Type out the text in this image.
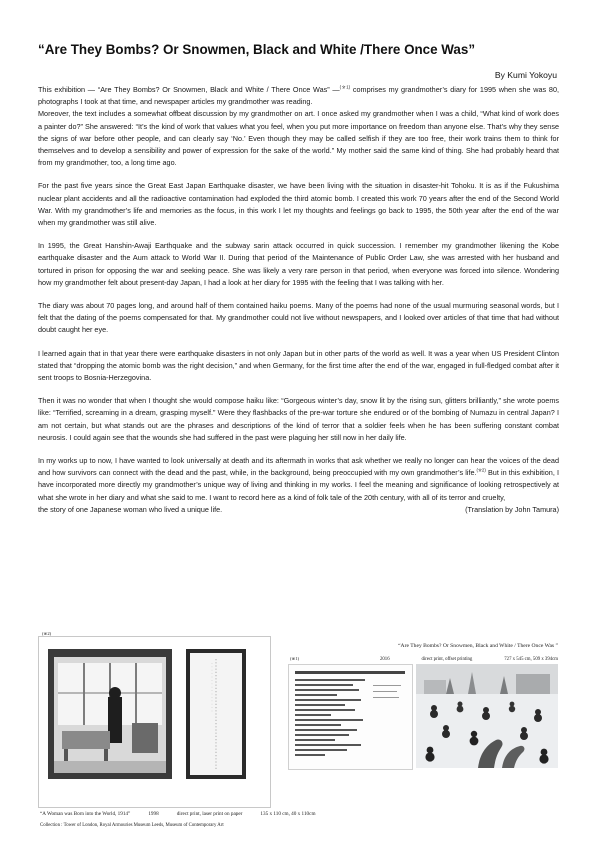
“Are They Bombs? Or Snowmen, Black and White /There Once Was”
By Kumi Yokoyu

This exhibition — “Are They Bombs? Or Snowmen, Black and White / There Once Was” —$^{(※1)}$ comprises my grandmother’s diary for 1995 when she was 80, photographs I took at that time, and newspaper articles my grandmother was reading.

Moreover, the text includes a somewhat offbeat discussion by my grandmother on art. I once asked my grandmother when I was a child, “What kind of work does a painter do?” She answered: “It’s the kind of work that values what you feel, when you put more importance on freedom than anyone else. That’s why they sense the signs of war before other people, and can clearly say ‘No.’ Even though they may be called selfish if they are too free, their work trains them to think for themselves and to develop a sensibility and power of expression for the sake of the world.” My mother said the same kind of thing. She had probably heard that from my grandmother, too, a long time ago.

For the past five years since the Great East Japan Earthquake disaster, we have been living with the situation in disaster-hit Tohoku. It is as if the Fukushima nuclear plant accidents and all the radioactive contamination had exploded the third atomic bomb. I created this work 70 years after the end of the Second World War. With my grandmother’s life and memories as the focus, in this work I let my thoughts and feelings go back to 1995, the 50th year after the end of the war when my grandmother was still alive.

In 1995, the Great Hanshin-Awaji Earthquake and the subway sarin attack occurred in quick succession. I remember my grandmother likening the Kobe earthquake disaster and the Aum attack to World War II. During that period of the Maintenance of Public Order Law, she was arrested with her husband and tortured in prison for opposing the war and seeking peace. She was likely a very rare person in that period, when everyone was forced into silence. Wondering how my grandmother felt about present-day Japan, I had a look at her diary for 1995 with the feeling that I was talking with her.

The diary was about 70 pages long, and around half of them contained haiku poems. Many of the poems had none of the usual murmuring seasonal words, but I felt that the dating of the poems compensated for that. My grandmother could not live without newspapers, and I looked over articles of that time that had without doubt caught her eye.

I learned again that in that year there were earthquake disasters in not only Japan but in other parts of the world as well. It was a year when US President Clinton stated that “dropping the atomic bomb was the right decision,” and when Germany, for the first time after the end of the war, engaged in full-fledged combat after it sent troops to Bosnia-Herzegovina.

Then it was no wonder that when I thought she would compose haiku like: “Gorgeous winter’s day, snow lit by the rising sun, glitters brilliantly,” she wrote poems like: “Terrified, screaming in a dream, grasping myself.” Were they flashbacks of the pre-war torture she endured or of the bombing of Numazu in central Japan? I am not certain, but what stands out are the phrases and descriptions of the kind of terror that a soldier feels when he has been suffering constant combat neurosis. I could again see that the wounds she had suffered in the past were plaguing her still now in her daily life.

In my works up to now, I have wanted to look universally at death and its aftermath in works that ask whether we really no longer can hear the voices of the dead and how survivors can connect with the dead and the past, while, in the background, being preoccupied with my own grandmother’s life.$^{(※2)}$ But in this exhibition, I have incorporated more directly my grandmother’s unique way of living and thinking in my works. I feel the meaning and significance of looking retrospectively at what she wrote in her diary and what she said to me. I want to record here as a kind of folk tale of the 20th century, with all of its terror and cruelty,

the story of one Japanese woman who lived a unique life.	(Translation by John Tamura)
(※2)
“A Woman was Born into the World, 1914”	1998	direct print, laser print on paper	135 x 110 cm, 40 x 110cm
Collection : Tower of London, Royal Armouries Museum Leeds, Museum of Contemporary Art
“Are They Bombs? Or Snowmen, Black and White / There Once Was ”
(※1)	2016	direct print, offset printing	727 x 545 cm, 509 x 394cm
